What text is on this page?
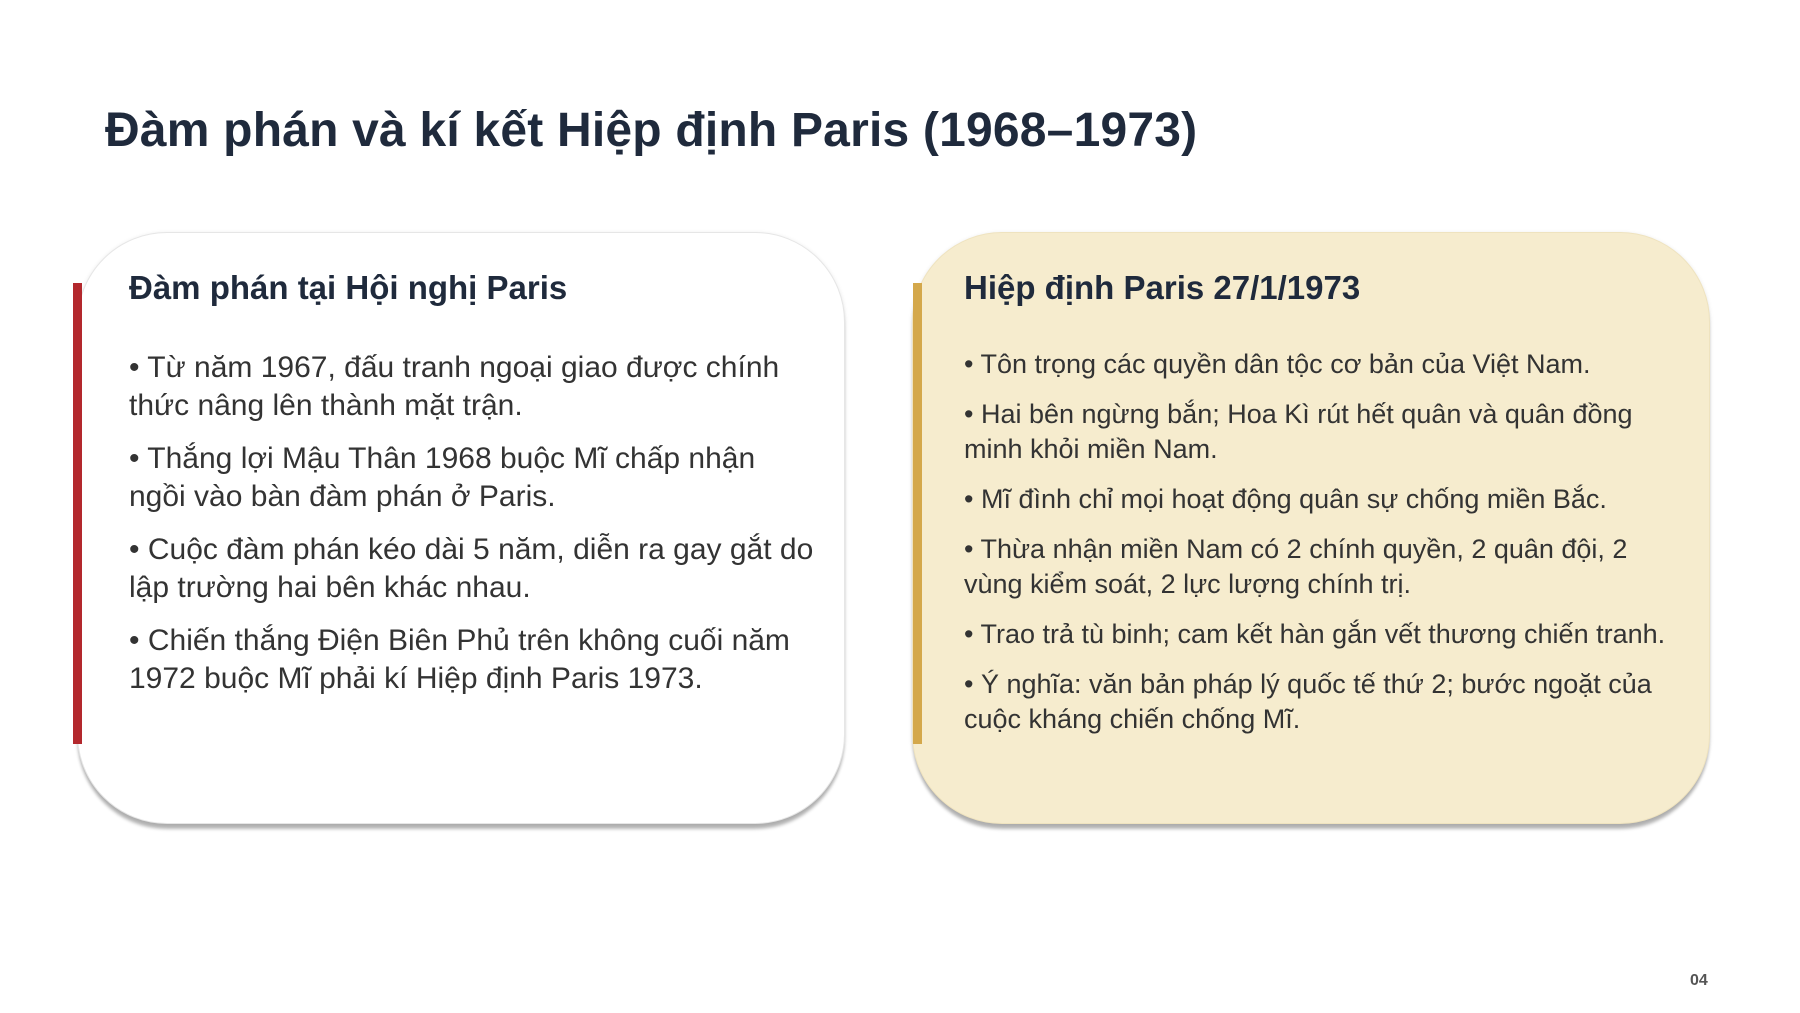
Đàm phán và kí kết Hiệp định Paris (1968–1973)
Đàm phán tại Hội nghị Paris
• Từ năm 1967, đấu tranh ngoại giao được chính thức nâng lên thành mặt trận.
• Thắng lợi Mậu Thân 1968 buộc Mĩ chấp nhận ngồi vào bàn đàm phán ở Paris.
• Cuộc đàm phán kéo dài 5 năm, diễn ra gay gắt do lập trường hai bên khác nhau.
• Chiến thắng Điện Biên Phủ trên không cuối năm 1972 buộc Mĩ phải kí Hiệp định Paris 1973.
Hiệp định Paris 27/1/1973
• Tôn trọng các quyền dân tộc cơ bản của Việt Nam.
• Hai bên ngừng bắn; Hoa Kì rút hết quân và quân đồng minh khỏi miền Nam.
• Mĩ đình chỉ mọi hoạt động quân sự chống miền Bắc.
• Thừa nhận miền Nam có 2 chính quyền, 2 quân đội, 2 vùng kiểm soát, 2 lực lượng chính trị.
• Trao trả tù binh; cam kết hàn gắn vết thương chiến tranh.
• Ý nghĩa: văn bản pháp lý quốc tế thứ 2; bước ngoặt của cuộc kháng chiến chống Mĩ.
04
